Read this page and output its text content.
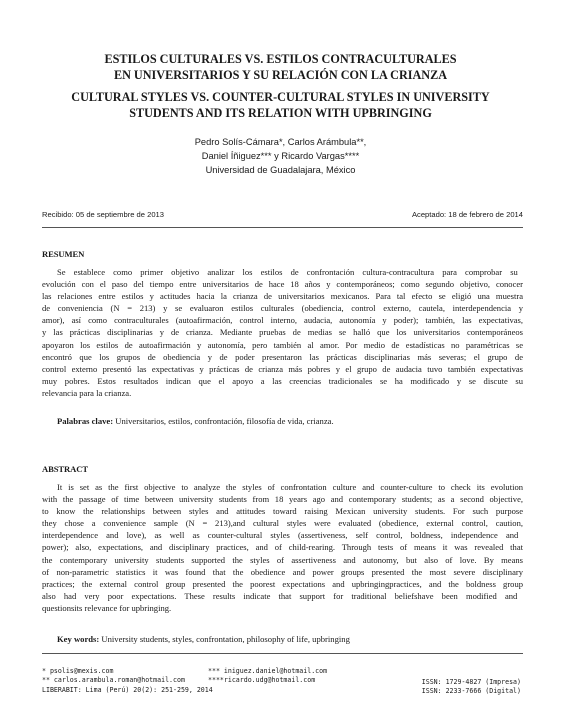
ESTILOS CULTURALES VS. ESTILOS CONTRACULTURALES
EN UNIVERSITARIOS Y SU RELACIÓN CON LA CRIANZA
CULTURAL STYLES VS. COUNTER-CULTURAL STYLES IN UNIVERSITY
STUDENTS AND ITS RELATION WITH UPBRINGING
Pedro Solís-Cámara*, Carlos Arámbula**,
Daniel Íñiguez*** y Ricardo Vargas****
Universidad de Guadalajara, México
Recibido: 05 de septiembre de 2013	Aceptado: 18 de febrero de 2014
RESUMEN
Se establece como primer objetivo analizar los estilos de confrontación cultura-contracultura para comprobar su
evolución con el paso del tiempo entre universitarios de hace 18 años y contemporáneos; como segundo objetivo, conocer
las relaciones entre estilos y actitudes hacia la crianza de universitarios mexicanos. Para tal efecto se eligió una muestra
de conveniencia (N = 213) y se evaluaron estilos culturales (obediencia, control externo, cautela, interdependencia y
amor), así como contraculturales (autoafirmación, control interno, audacia, autonomía y poder); también, las expectativas,
y las prácticas disciplinarias y de crianza. Mediante pruebas de medias se halló que los universitarios contemporáneos
apoyaron los estilos de autoafirmación y autonomía, pero también al amor. Por medio de estadísticas no paramétricas se
encontró que los grupos de obediencia y de poder presentaron las prácticas disciplinarias más severas; el grupo de
control externo presentó las expectativas y prácticas de crianza más pobres y el grupo de audacia tuvo también expectativas
muy pobres. Estos resultados indican que el apoyo a las creencias tradicionales se ha modificado y se discute su
relevancia para la crianza.
Palabras clave: Universitarios, estilos, confrontación, filosofía de vida, crianza.
ABSTRACT
It is set as the first objective to analyze the styles of confrontation culture and counter-culture to check its evolution
with the passage of time between university students from 18 years ago and contemporary students; as a second objective,
to know the relationships between styles and attitudes toward raising Mexican university students. For such purpose
they chose a convenience sample (N = 213),and cultural styles were evaluated (obedience, external control, caution,
interdependence and love), as well as counter-cultural styles (assertiveness, self control, boldness, independence and
power); also, expectations, and disciplinary practices, and of child-rearing. Through tests of means it was revealed that
the contemporary university students supported the styles of assertiveness and autonomy, but also of love. By means
of non-parametric statistics it was found that the obedience and power groups presented the most severe disciplinary
practices; the external control group presented the poorest expectations and upbringingpractices, and the boldness group
also had very poor expectations. These results indicate that support for traditional beliefshave been modified and
questionsits relevance for upbringing.
Key words: University students, styles, confrontation, philosophy of life, upbringing
* psolis@mexis.com
** carlos.arambula.roman@hotmail.com
LIBERABIT: Lima (Perú) 20(2): 251-259, 2014
*** iniguez.daniel@hotmail.com
****ricardo.udg@hotmail.com	ISSN: 1729-4827 (Impresa)
ISSN: 2233-7666 (Digital)
